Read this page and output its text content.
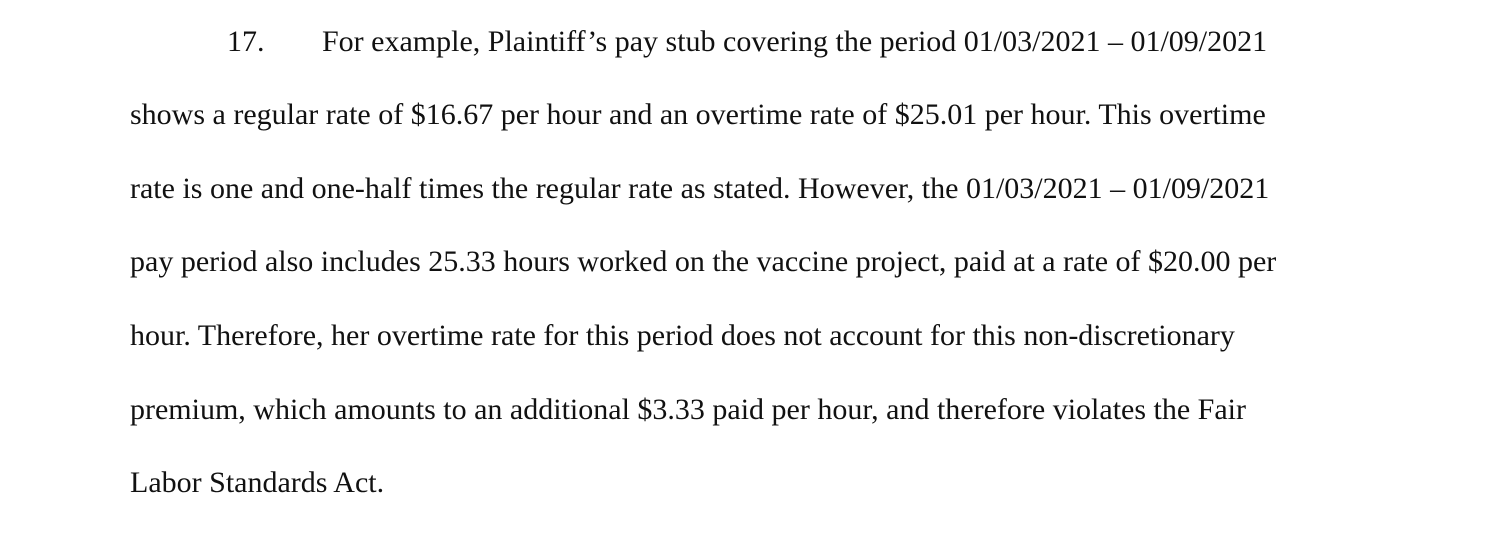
17. For example, Plaintiff’s pay stub covering the period 01/03/2021 – 01/09/2021

shows a regular rate of $16.67 per hour and an overtime rate of $25.01 per hour. This overtime

rate is one and one-half times the regular rate as stated. However, the 01/03/2021 – 01/09/2021

pay period also includes 25.33 hours worked on the vaccine project, paid at a rate of $20.00 per

hour. Therefore, her overtime rate for this period does not account for this non-discretionary

premium, which amounts to an additional $3.33 paid per hour, and therefore violates the Fair

Labor Standards Act.
